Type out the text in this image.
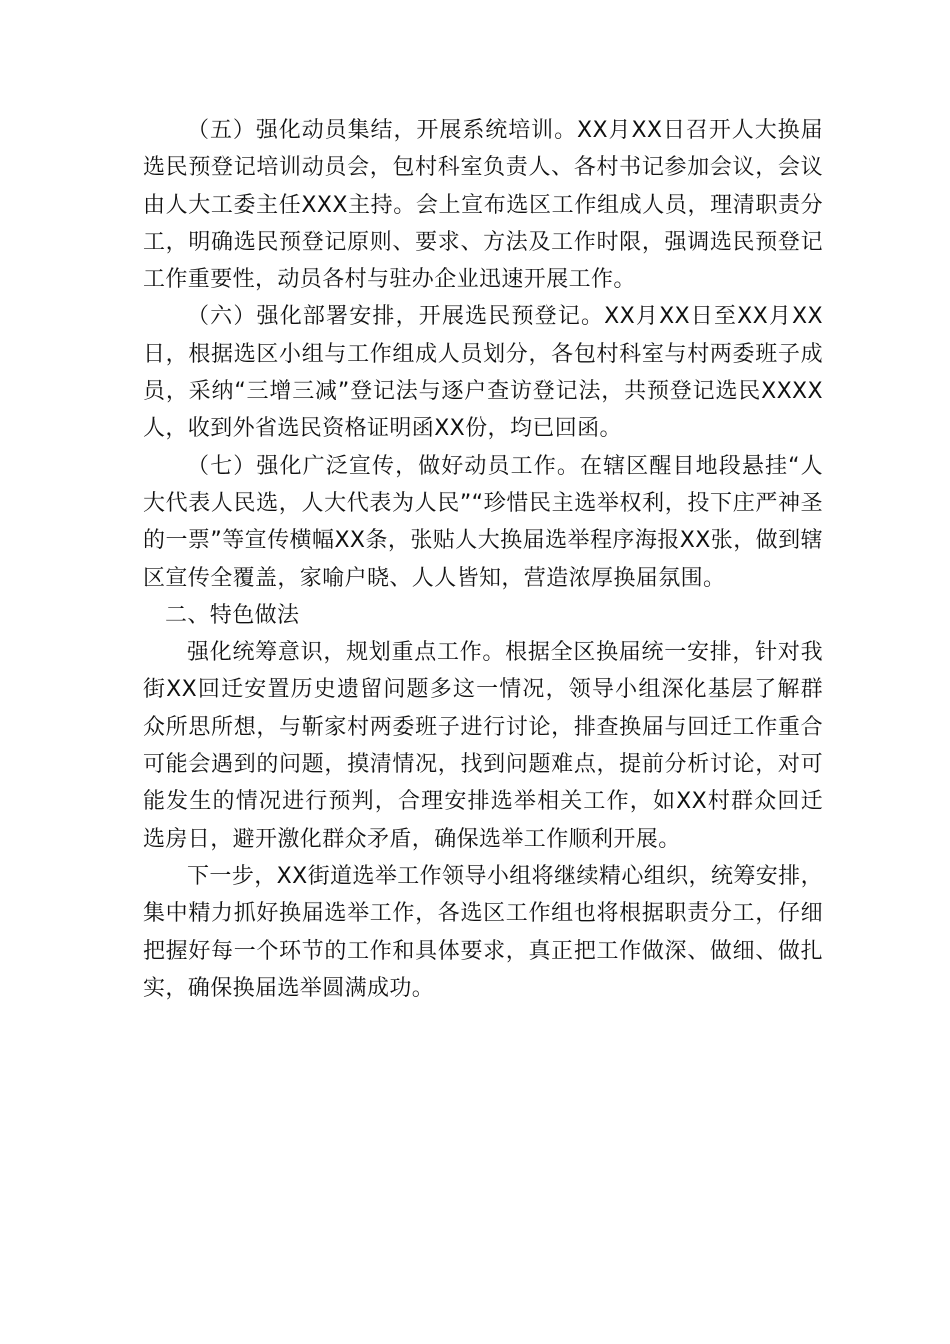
（五）强化动员集结，开展系统培训。XX月XX日召开人大换届选民预登记培训动员会，包村科室负责人、各村书记参加会议，会议由人大工委主任XXX主持。会上宣布选区工作组成人员，理清职责分工，明确选民预登记原则、要求、方法及工作时限，强调选民预登记工作重要性，动员各村与驻办企业迅速开展工作。

（六）强化部署安排，开展选民预登记。XX月XX日至XX月XX日，根据选区小组与工作组成人员划分，各包村科室与村两委班子成员，采纳“三增三减”登记法与逐户查访登记法，共预登记选民XXXX人，收到外省选民资格证明函XX份，均已回函。

（七）强化广泛宣传，做好动员工作。在辖区醒目地段悬挂“人大代表人民选，人大代表为人民”“珍惜民主选举权利，投下庄严神圣的一票”等宣传横幅XX条，张贴人大换届选举程序海报XX张，做到辖区宣传全覆盖，家喻户晓、人人皆知，营造浓厚换届氛围。

二、特色做法

强化统筹意识，规划重点工作。根据全区换届统一安排，针对我街XX回迁安置历史遗留问题多这一情况，领导小组深化基层了解群众所思所想，与靳家村两委班子进行讨论，排查换届与回迁工作重合可能会遇到的问题，摸清情况，找到问题难点，提前分析讨论，对可能发生的情况进行预判，合理安排选举相关工作，如XX村群众回迁选房日，避开激化群众矛盾，确保选举工作顺利开展。

下一步，XX街道选举工作领导小组将继续精心组织，统筹安排，集中精力抓好换届选举工作，各选区工作组也将根据职责分工，仔细把握好每一个环节的工作和具体要求，真正把工作做深、做细、做扎实，确保换届选举圆满成功。
